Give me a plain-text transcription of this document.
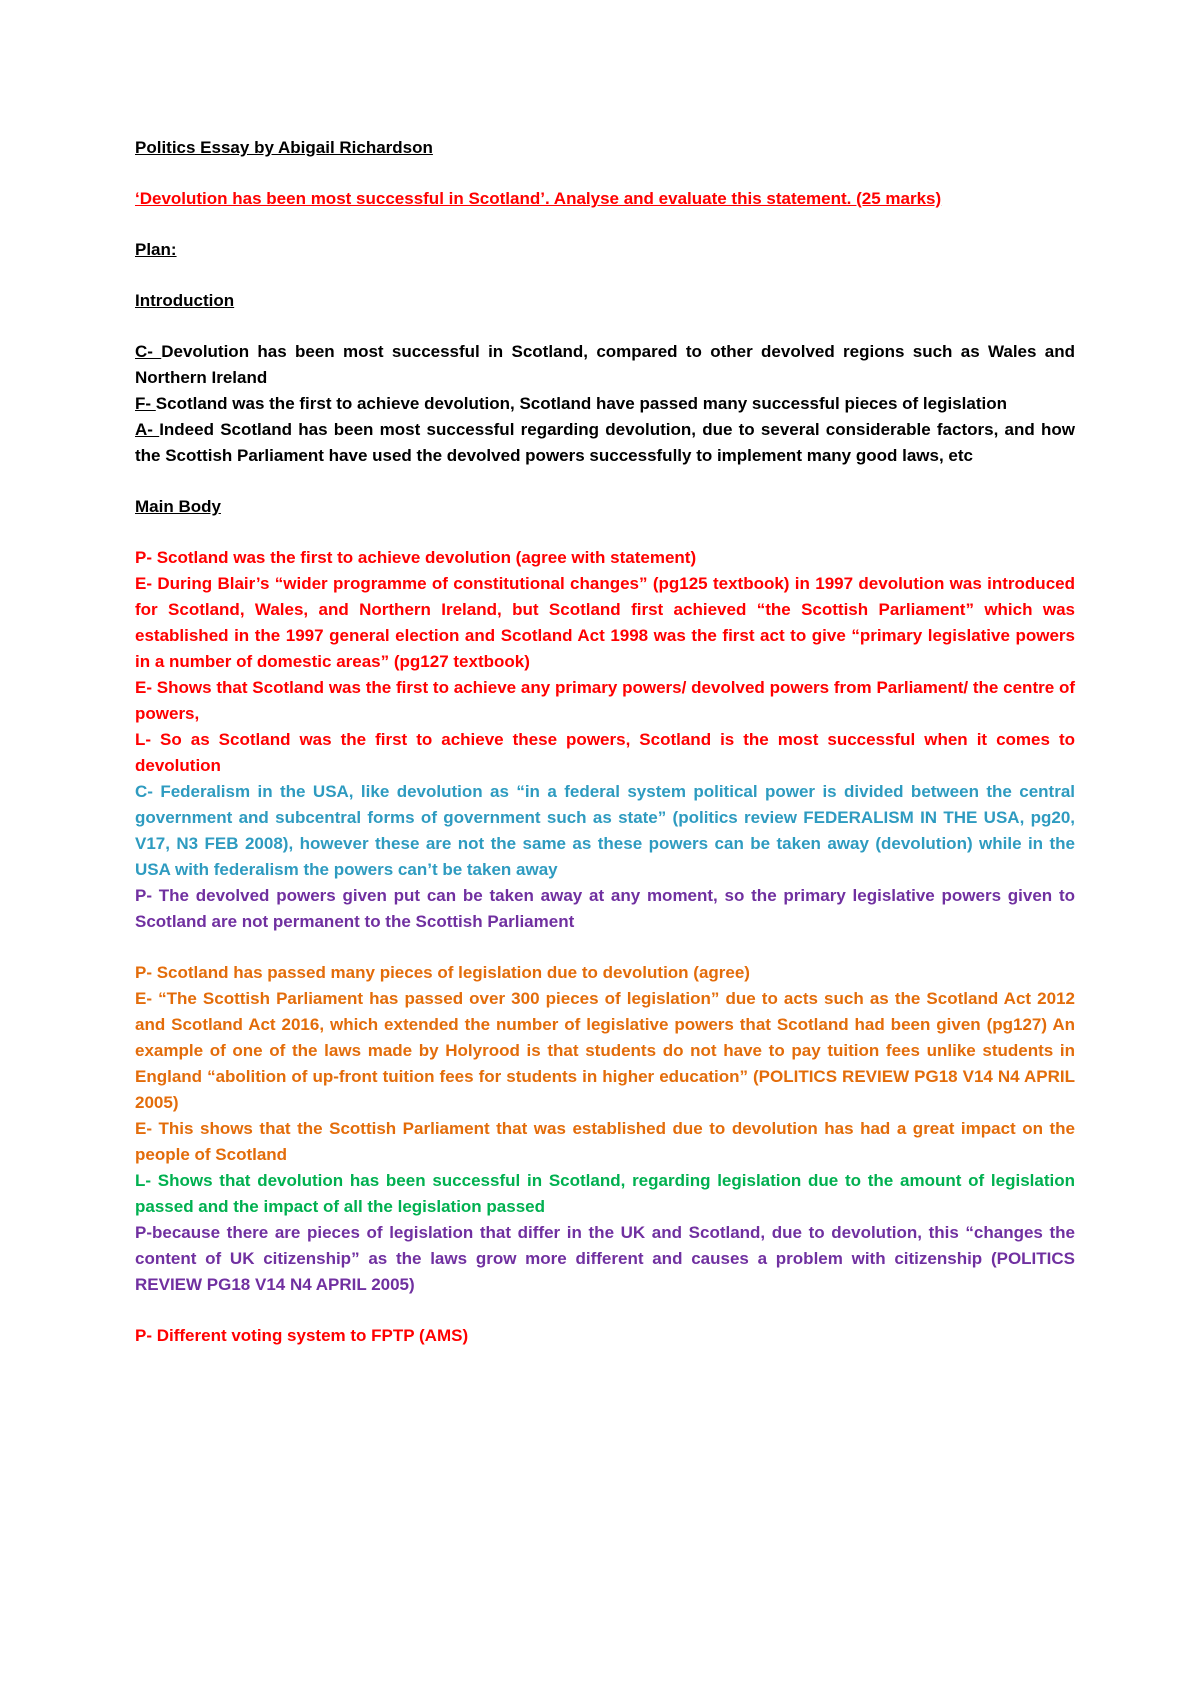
Politics Essay by Abigail Richardson
‘Devolution has been most successful in Scotland’. Analyse and evaluate this statement. (25 marks)
Plan:
Introduction
C- Devolution has been most successful in Scotland, compared to other devolved regions such as Wales and Northern Ireland
F- Scotland was the first to achieve devolution, Scotland have passed many successful pieces of legislation
A- Indeed Scotland has been most successful regarding devolution, due to several considerable factors, and how the Scottish Parliament have used the devolved powers successfully to implement many good laws, etc
Main Body
P- Scotland was the first to achieve devolution (agree with statement)
E- During Blair’s “wider programme of constitutional changes” (pg125 textbook) in 1997 devolution was introduced for Scotland, Wales, and Northern Ireland, but Scotland first achieved “the Scottish Parliament” which was established in the 1997 general election and Scotland Act 1998 was the first act to give “primary legislative powers in a number of domestic areas” (pg127 textbook)
E- Shows that Scotland was the first to achieve any primary powers/ devolved powers from Parliament/ the centre of powers,
L- So as Scotland was the first to achieve these powers, Scotland is the most successful when it comes to devolution
C- Federalism in the USA, like devolution as “in a federal system political power is divided between the central government and subcentral forms of government such as state” (politics review FEDERALISM IN THE USA, pg20, V17, N3 FEB 2008), however these are not the same as these powers can be taken away (devolution) while in the USA with federalism the powers can’t be taken away
P- The devolved powers given put can be taken away at any moment, so the primary legislative powers given to Scotland are not permanent to the Scottish Parliament
P- Scotland has passed many pieces of legislation due to devolution (agree)
E- “The Scottish Parliament has passed over 300 pieces of legislation” due to acts such as the Scotland Act 2012 and Scotland Act 2016, which extended the number of legislative powers that Scotland had been given (pg127) An example of one of the laws made by Holyrood is that students do not have to pay tuition fees unlike students in England “abolition of up-front tuition fees for students in higher education” (POLITICS REVIEW PG18 V14 N4 APRIL 2005)
E- This shows that the Scottish Parliament that was established due to devolution has had a great impact on the people of Scotland
L- Shows that devolution has been successful in Scotland, regarding legislation due to the amount of legislation passed and the impact of all the legislation passed
P-because there are pieces of legislation that differ in the UK and Scotland, due to devolution, this “changes the content of UK citizenship” as the laws grow more different and causes a problem with citizenship (POLITICS REVIEW PG18 V14 N4 APRIL 2005)
P- Different voting system to FPTP (AMS)
